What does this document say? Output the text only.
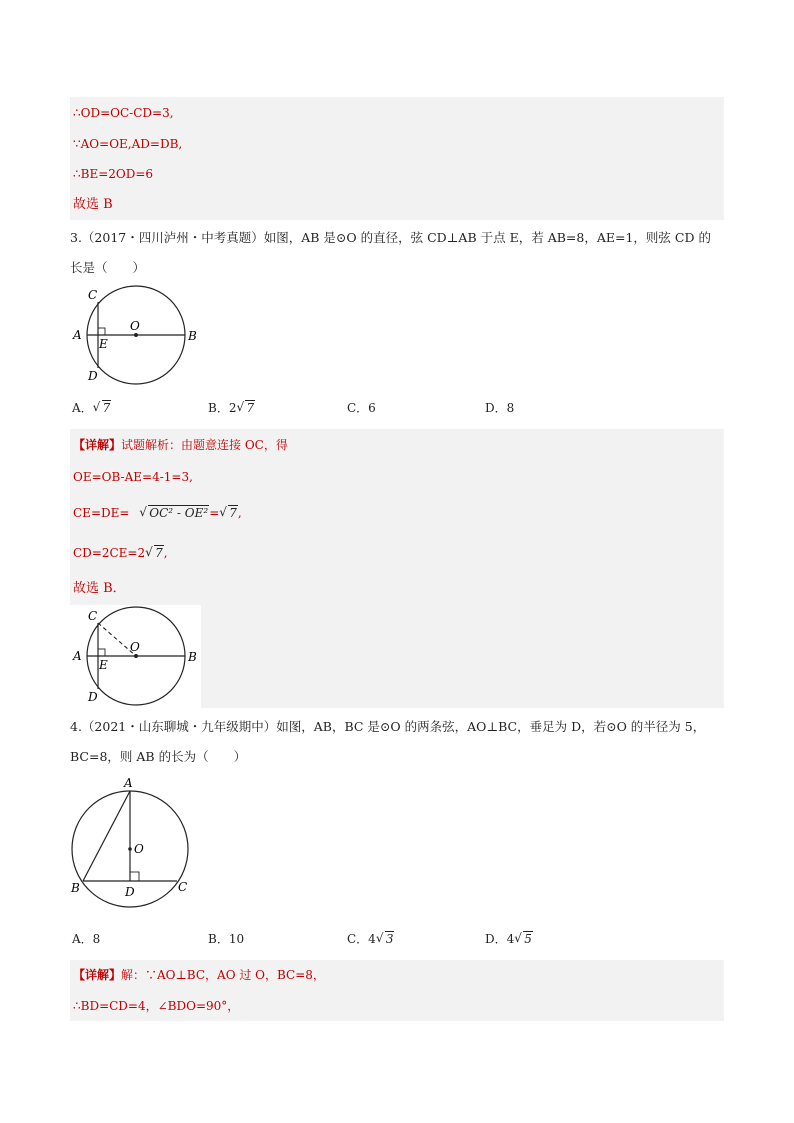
∴OD=OC-CD=3,
∵AO=OE,AD=DB,
∴BE=2OD=6
故选 B
3.（2017・四川泸州・中考真题）如图，AB 是⊙O 的直径，弦 CD⊥AB 于点 E，若 AB=8，AE=1，则弦 CD 的
长是（　　）
A	B
C
D
E
O
A． √ 7	B．2 √ 7	C．6	D．8
【详解】试题解析：由题意连接 OC，得
OE=OB-AE=4-1=3,
CE=DE= √ OC² - OE²= √ 7,
CD=2CE=2 √ 7,
故选 B．
A	B
C
D
E
O
4.（2021・山东聊城・九年级期中）如图，AB，BC 是⊙O 的两条弦，AO⊥BC，垂足为 D，若⊙O 的半径为 5，
BC=8，则 AB 的长为（　　）
A
B	C
D
O
A．8	B．10	C．4 √ 3	D．4 √ 5
【详解】解：∵AO⊥BC，AO 过 O，BC=8，
∴BD=CD=4，∠BDO=90°，
